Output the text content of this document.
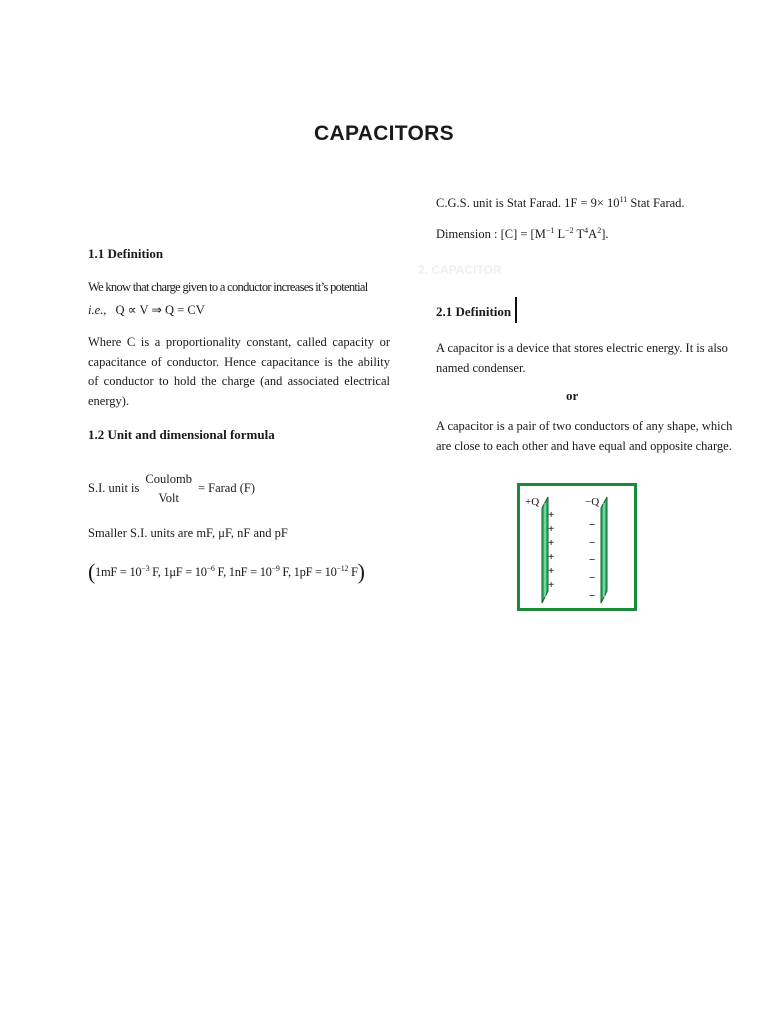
CAPACITORS
1.1 Definition
We know that charge given to a conductor increases it’s potential
i.e., Q ∝ V ⇒ Q = CV
Where C is a proportionality constant, called capacity or capacitance of conductor. Hence capacitance is the ability of conductor to hold the charge (and associated electrical energy).
1.2 Unit and dimensional formula
S.I. unit is
Coulomb
Volt
= Farad (F)
Smaller S.I. units are mF, μF, nF and pF
($1mF = 10^{-3}$ F, $1\mu F = 10^{-6}$ F, $1nF = 10^{-9}$ F, $1pF = 10^{-12}$ F)
C.G.S. unit is Stat Farad. $1F = 9\times 10^{11}$ Stat Farad.
Dimension : $[C] = [M^{-1}$ $L^{-2}$ $T^4A^2$].
2. CAPACITOR
2.1 Definition
A capacitor is a device that stores electric energy. It is also named condenser.
or
A capacitor is a pair of two conductors of any shape, which are close to each other and have equal and opposite charge.
+Q	−Q
+
+
+
+
+
+
−
−
−
−
−
